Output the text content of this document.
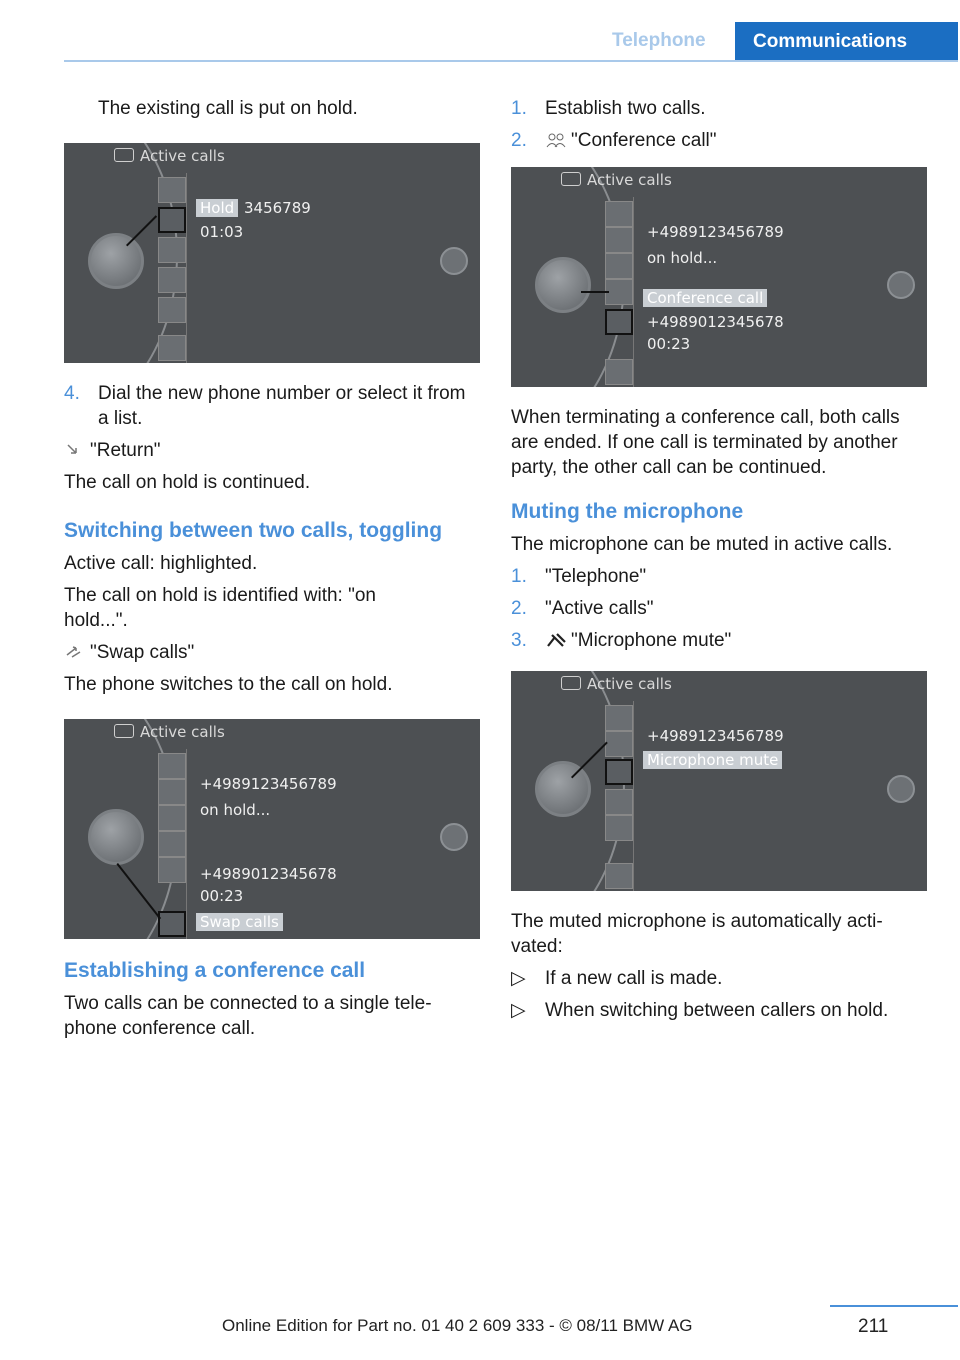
Telephone	Communications

The existing call is put on hold.

Active calls
Hold 3456789
01:03
4. Dial the new phone number or select it from a list.

"Return"

The call on hold is continued.

Switching between two calls, toggling

Active call: highlighted.

The call on hold is identified with: "on hold...".

"Swap calls"

The phone switches to the call on hold.

Active calls
+4989123456789
on hold...
+4989012345678
00:23
Swap calls
Establishing a conference call

Two calls can be connected to a single tele-phone conference call.

1. Establish two calls.
2.	"Conference call"
Active calls
+4989123456789
on hold...
Conference call
+4989012345678
00:23

When terminating a conference call, both calls are ended. If one call is terminated by another party, the other call can be continued.

Muting the microphone

The microphone can be muted in active calls.

1. "Telephone"
2. "Active calls"
3.	"Microphone mute"
Active calls
+4989123456789
Microphone mute

The muted microphone is automatically acti-vated:

▷	If a new call is made.
▷	When switching between callers on hold.
211
Online Edition for Part no. 01 40 2 609 333 - © 08/11 BMW AG
